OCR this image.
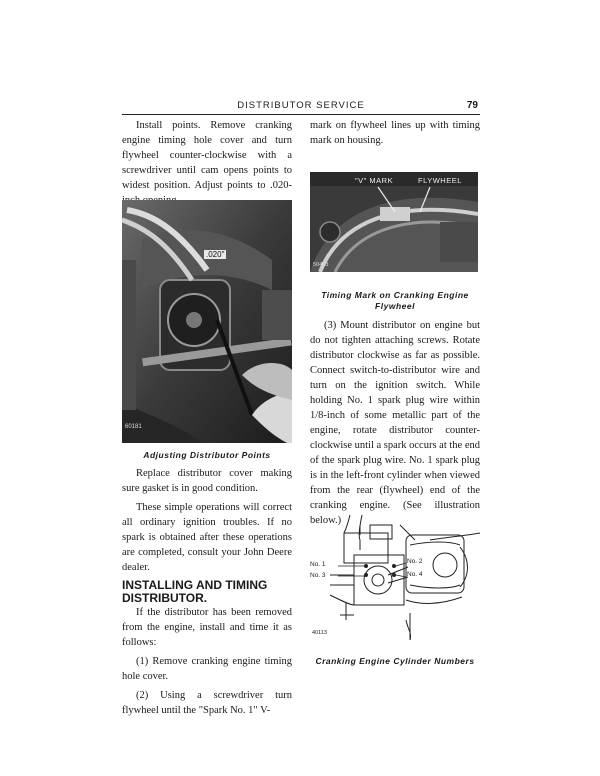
DISTRIBUTOR SERVICE	79

Install points. Remove cranking engine timing hole cover and turn flywheel counter-clockwise with a screwdriver until cam opens points to widest position. Adjust points to .020-

.020"
60181
Adjusting Distributor Points

Replace distributor cover making sure gasket is in good condition.

These simple operations will correct all ordinary ignition troubles. If no spark is obtained after these operations are completed, consult your John Deere dealer.

INSTALLING AND TIMING DISTRIBUTOR.

If the distributor has been removed from the engine, install and time it as follows:

(1) Remove cranking engine timing hole cover.

(2) Using a screwdriver turn flywheel until the "Spark No. 1" V-

mark on flywheel lines up with timing mark on housing.

"V" MARK	FLYWHEEL
50463
Timing Mark on Cranking Engine Flywheel

(3) Mount distributor on engine but do not tighten attaching screws. Rotate distributor clockwise as far as possible. Connect switch-to-distributor wire and turn on the ignition switch. While holding No. 1 spark plug wire within 1/8-inch of some metallic part of the engine, rotate distributor counter-clockwise until a spark occurs at the end of the spark plug wire. No. 1 spark plug is in the left-front cylinder when viewed from the rear (flywheel) end of the cranking engine. (See illustration below.)

No. 1
No. 3
No. 2
No. 4
40113
Cranking Engine Cylinder Numbers
